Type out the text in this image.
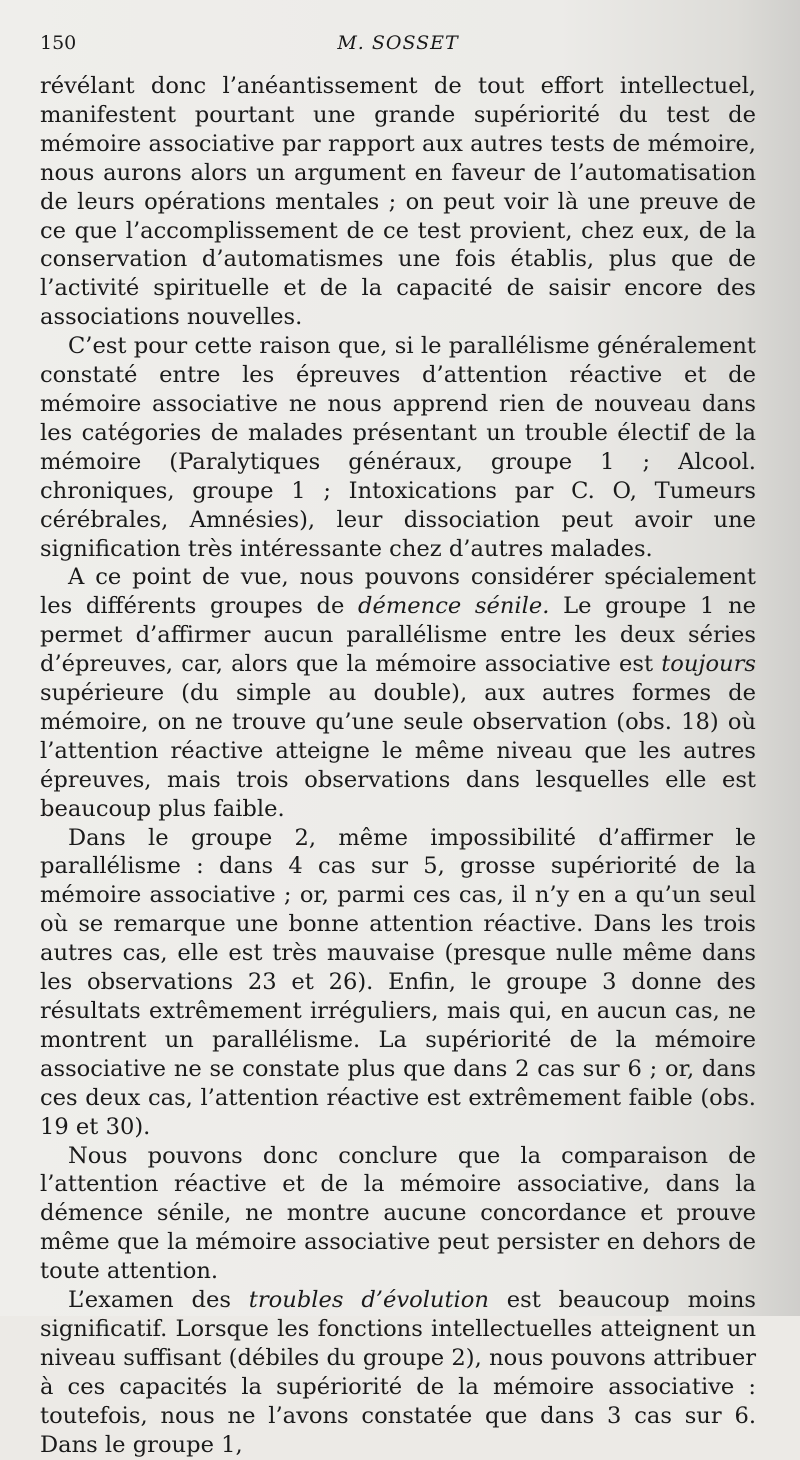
150	M. SOSSET

révélant donc l’anéantissement de tout effort intellectuel, manifestent pourtant une grande supériorité du test de mémoire associative par rapport aux autres tests de mémoire, nous aurons alors un argument en faveur de l’automatisation de leurs opérations mentales ; on peut voir là une preuve de ce que l’accomplissement de ce test provient, chez eux, de la conservation d’automatismes une fois établis, plus que de l’activité spirituelle et de la capacité de saisir encore des associations nouvelles.

C’est pour cette raison que, si le parallélisme généralement constaté entre les épreuves d’attention réactive et de mémoire associative ne nous apprend rien de nouveau dans les catégories de malades présentant un trouble électif de la mémoire (Paralytiques généraux, groupe 1 ; Alcool. chroniques, groupe 1 ; Intoxications par C. O, Tumeurs cérébrales, Amnésies), leur dissociation peut avoir une signification très intéressante chez d’autres malades.

A ce point de vue, nous pouvons considérer spécialement les différents groupes de démence sénile. Le groupe 1 ne permet d’affirmer aucun parallélisme entre les deux séries d’épreuves, car, alors que la mémoire associative est toujours supérieure (du simple au double), aux autres formes de mémoire, on ne trouve qu’une seule observation (obs. 18) où l’attention réactive atteigne le même niveau que les autres épreuves, mais trois observations dans lesquelles elle est beaucoup plus faible.

Dans le groupe 2, même impossibilité d’affirmer le parallélisme : dans 4 cas sur 5, grosse supériorité de la mémoire associative ; or, parmi ces cas, il n’y en a qu’un seul où se remarque une bonne attention réactive. Dans les trois autres cas, elle est très mauvaise (presque nulle même dans les observations 23 et 26). Enfin, le groupe 3 donne des résultats extrêmement irréguliers, mais qui, en aucun cas, ne montrent un parallélisme. La supériorité de la mémoire associative ne se constate plus que dans 2 cas sur 6 ; or, dans ces deux cas, l’attention réactive est extrêmement faible (obs. 19 et 30).

Nous pouvons donc conclure que la comparaison de l’attention réactive et de la mémoire associative, dans la démence sénile, ne montre aucune concordance et prouve même que la mémoire associative peut persister en dehors de toute attention.

L’examen des troubles d’évolution est beaucoup moins significatif. Lorsque les fonctions intellectuelles atteignent un niveau suffisant (débiles du groupe 2), nous pouvons attribuer à ces capacités la supériorité de la mémoire associative : toutefois, nous ne l’avons constatée que dans 3 cas sur 6. Dans le groupe 1,
